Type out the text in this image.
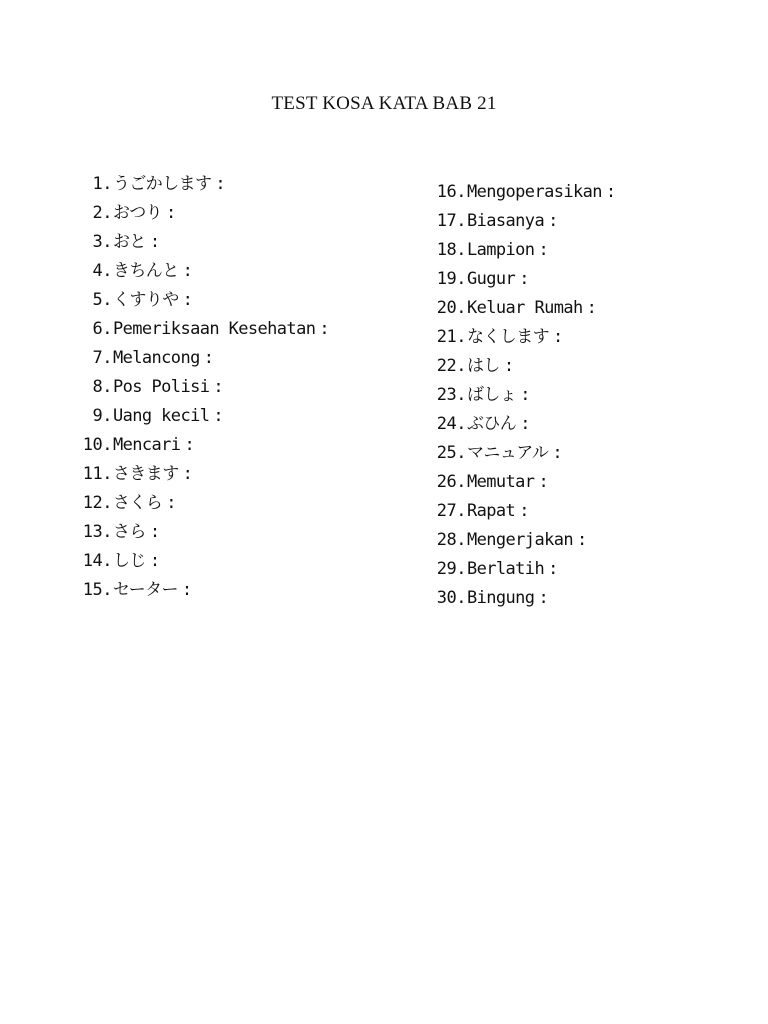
TEST KOSA KATA BAB 21
1. うごかします :
2. おつり :
3. おと :
4. きちんと :
5. くすりや :
6. Pemeriksaan Kesehatan :
7. Melancong :
8. Pos Polisi :
9. Uang kecil :
10. Mencari :
11. さきます :
12. さくら :
13. さら :
14. しじ :
15. セーター :
16. Mengoperasikan :
17. Biasanya :
18. Lampion :
19. Gugur :
20. Keluar Rumah :
21. なくします :
22. はし :
23. ばしょ :
24. ぶひん :
25. マニュアル :
26. Memutar :
27. Rapat :
28. Mengerjakan :
29. Berlatih :
30. Bingung :
